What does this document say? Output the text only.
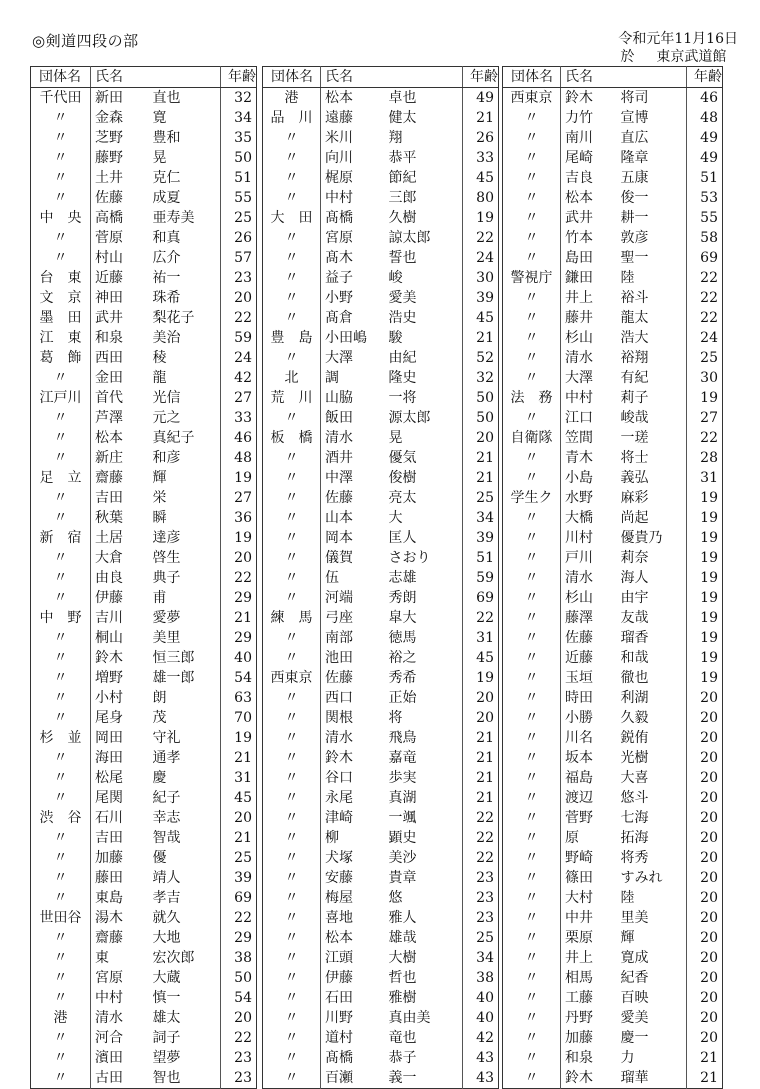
◎剣道四段の部	令和元年11月16日
於 東京武道館
団体名	氏名		年齢
千代田	新田	直也	32
〃	金森	寛	34
〃	芝野	豊和	35
〃	藤野	晃	50
〃	土井	克仁	51
〃	佐藤	成夏	55
中　央	高橋	亜寿美	25
〃	菅原	和真	26
〃	村山	広介	57
台　東	近藤	祐一	23
文　京	神田	珠希	20
墨　田	武井	梨花子	22
江　東	和泉	美治	59
葛　飾	西田	稜	24
〃	金田	龍	42
江戸川	首代	光信	27
〃	芦澤	元之	33
〃	松本	真紀子	46
〃	新庄	和彦	48
足　立	齋藤	輝	19
〃	吉田	栄	27
〃	秋葉	瞬	36
新　宿	土居	達彦	19
〃	大倉	啓生	20
〃	由良	典子	22
〃	伊藤	甫	29
中　野	吉川	愛夢	21
〃	桐山	美里	29
〃	鈴木	恒三郎	40
〃	増野	雄一郎	54
〃	小村	朗	63
〃	尾身	茂	70
杉　並	岡田	守礼	19
〃	海田	通孝	21
〃	松尾	慶	31
〃	尾関	紀子	45
渋　谷	石川	幸志	20
〃	吉田	智哉	21
〃	加藤	優	25
〃	藤田	靖人	39
〃	東島	孝吉	69
世田谷	湯木	就久	22
〃	齋藤	大地	29
〃	東	宏次郎	38
〃	宮原	大蔵	50
〃	中村	慎一	54
港	清水	雄太	20
〃	河合	詞子	22
〃	濱田	望夢	23
〃	古田	智也	23
団体名	氏名		年齢
港	松本	卓也	49
品　川	遠藤	健太	21
〃	米川	翔	26
〃	向川	恭平	33
〃	梶原	節紀	45
〃	中村	三郎	80
大　田	髙橋	久樹	19
〃	宮原	諒太郎	22
〃	髙木	誓也	24
〃	益子	峻	30
〃	小野	愛美	39
〃	髙倉	浩史	45
豊　島	小田嶋	駿	21
〃	大澤	由紀	52
北	調	隆史	32
荒　川	山脇	一将	50
〃	飯田	源太郎	50
板　橋	清水	晃	20
〃	酒井	優気	21
〃	中澤	俊樹	21
〃	佐藤	亮太	25
〃	山本	大	34
〃	岡本	匡人	39
〃	儀賀	さおり	51
〃	伍	志雄	59
〃	河端	秀朗	69
練　馬	弓座	皐大	22
〃	南部	徳馬	31
〃	池田	裕之	45
西東京	佐藤	秀希	19
〃	西口	正始	20
〃	関根	将	20
〃	清水	飛鳥	21
〃	鈴木	嘉竜	21
〃	谷口	歩実	21
〃	永尾	真湖	21
〃	津崎	一颯	22
〃	柳	顕史	22
〃	犬塚	美沙	22
〃	安藤	貴章	23
〃	梅屋	悠	23
〃	喜地	雅人	23
〃	松本	雄哉	25
〃	江頭	大樹	34
〃	伊藤	哲也	38
〃	石田	雅樹	40
〃	川野	真由美	40
〃	道村	竜也	42
〃	髙橋	恭子	43
〃	百瀬	義一	43
団体名	氏名		年齢
西東京	鈴木	将司	46
〃	力竹	宣博	48
〃	南川	直広	49
〃	尾崎	隆章	49
〃	吉良	五康	51
〃	松本	俊一	53
〃	武井	耕一	55
〃	竹本	敦彦	58
〃	島田	聖一	69
警視庁	鎌田	陸	22
〃	井上	裕斗	22
〃	藤井	龍太	22
〃	杉山	浩大	24
〃	清水	裕翔	25
〃	大澤	有紀	30
法　務	中村	莉子	19
〃	江口	峻哉	27
自衛隊	笠間	一瑳	22
〃	青木	将士	28
〃	小島	義弘	31
学生ク	水野	麻彩	19
〃	大橋	尚起	19
〃	川村	優貴乃	19
〃	戸川	莉奈	19
〃	清水	海人	19
〃	杉山	由宇	19
〃	藤澤	友哉	19
〃	佐藤	瑠香	19
〃	近藤	和哉	19
〃	玉垣	徹也	19
〃	時田	利湖	20
〃	小勝	久毅	20
〃	川名	鋭侑	20
〃	坂本	光樹	20
〃	福島	大喜	20
〃	渡辺	悠斗	20
〃	菅野	七海	20
〃	原	拓海	20
〃	野崎	将秀	20
〃	篠田	すみれ	20
〃	大村	陸	20
〃	中井	里美	20
〃	栗原	輝	20
〃	井上	寛成	20
〃	相馬	紀香	20
〃	工藤	百映	20
〃	丹野	愛美	20
〃	加藤	慶一	20
〃	和泉	力	21
〃	鈴木	瑠華	21
